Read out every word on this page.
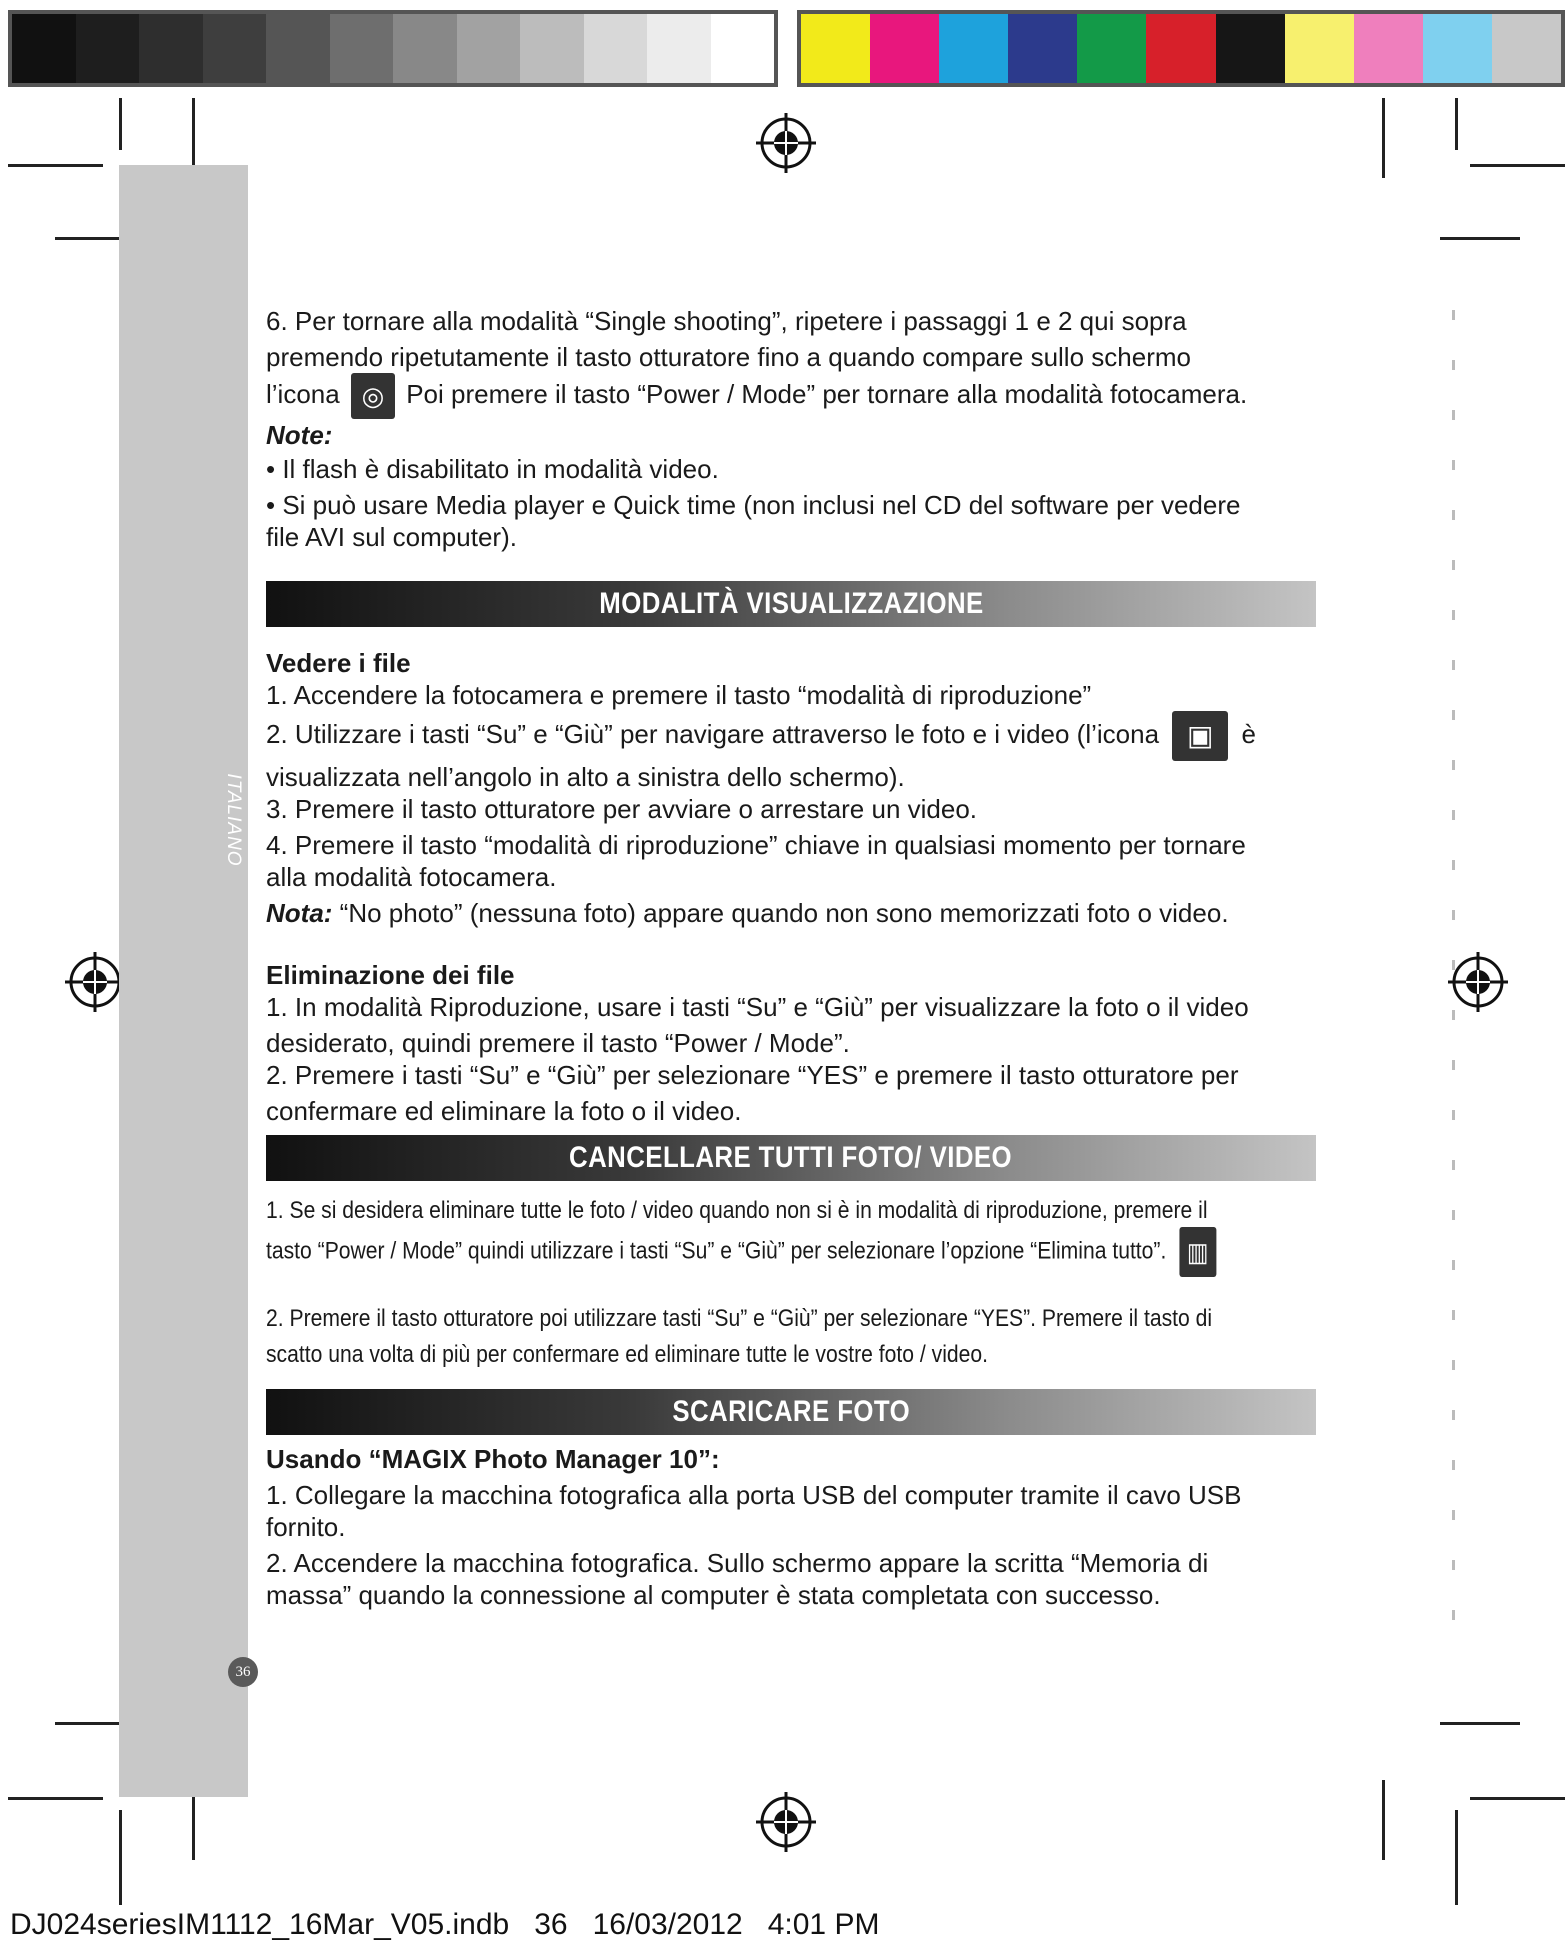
ITALIANO
36

6. Per tornare alla modalità “Single shooting”, ripetere i passaggi 1 e 2 qui sopra

premendo ripetutamente il tasto otturatore fino a quando compare sullo schermo

l’icona ◎ Poi premere il tasto “Power / Mode” per tornare alla modalità fotocamera.

Note:

• Il flash è disabilitato in modalità video.

• Si può usare Media player e Quick time (non inclusi nel CD del software per vedere

file AVI sul computer).

MODALITÀ VISUALIZZAZIONE

Vedere i file

1. Accendere la fotocamera e premere il tasto “modalità di riproduzione”

2. Utilizzare i tasti “Su” e “Giù” per navigare attraverso le foto e i video (l’icona ▣ è

visualizzata nell’angolo in alto a sinistra dello schermo).

3. Premere il tasto otturatore per avviare o arrestare un video.

4. Premere il tasto “modalità di riproduzione” chiave in qualsiasi momento per tornare

alla modalità fotocamera.

Nota: “No photo” (nessuna foto) appare quando non sono memorizzati foto o video.

Eliminazione dei file

1. In modalità Riproduzione, usare i tasti “Su” e “Giù” per visualizzare la foto o il video

desiderato, quindi premere il tasto “Power / Mode”.

2. Premere i tasti “Su” e “Giù” per selezionare “YES” e premere il tasto otturatore per

confermare ed eliminare la foto o il video.

CANCELLARE TUTTI FOTO/ VIDEO

1. Se si desidera eliminare tutte le foto / video quando non si è in modalità di riproduzione, premere il

tasto “Power / Mode” quindi utilizzare i tasti “Su” e “Giù” per selezionare l’opzione “Elimina tutto”. ▥

2. Premere il tasto otturatore poi utilizzare tasti “Su” e “Giù” per selezionare “YES”. Premere il tasto di

scatto una volta di più per confermare ed eliminare tutte le vostre foto / video.

SCARICARE FOTO

Usando “MAGIX Photo Manager 10”:

1. Collegare la macchina fotografica alla porta USB del computer tramite il cavo USB

fornito.

2. Accendere la macchina fotografica. Sullo schermo appare la scritta “Memoria di

massa” quando la connessione al computer è stata completata con successo.

DJ024seriesIM1112_16Mar_V05.indb   36   16/03/2012   4:01 PM
